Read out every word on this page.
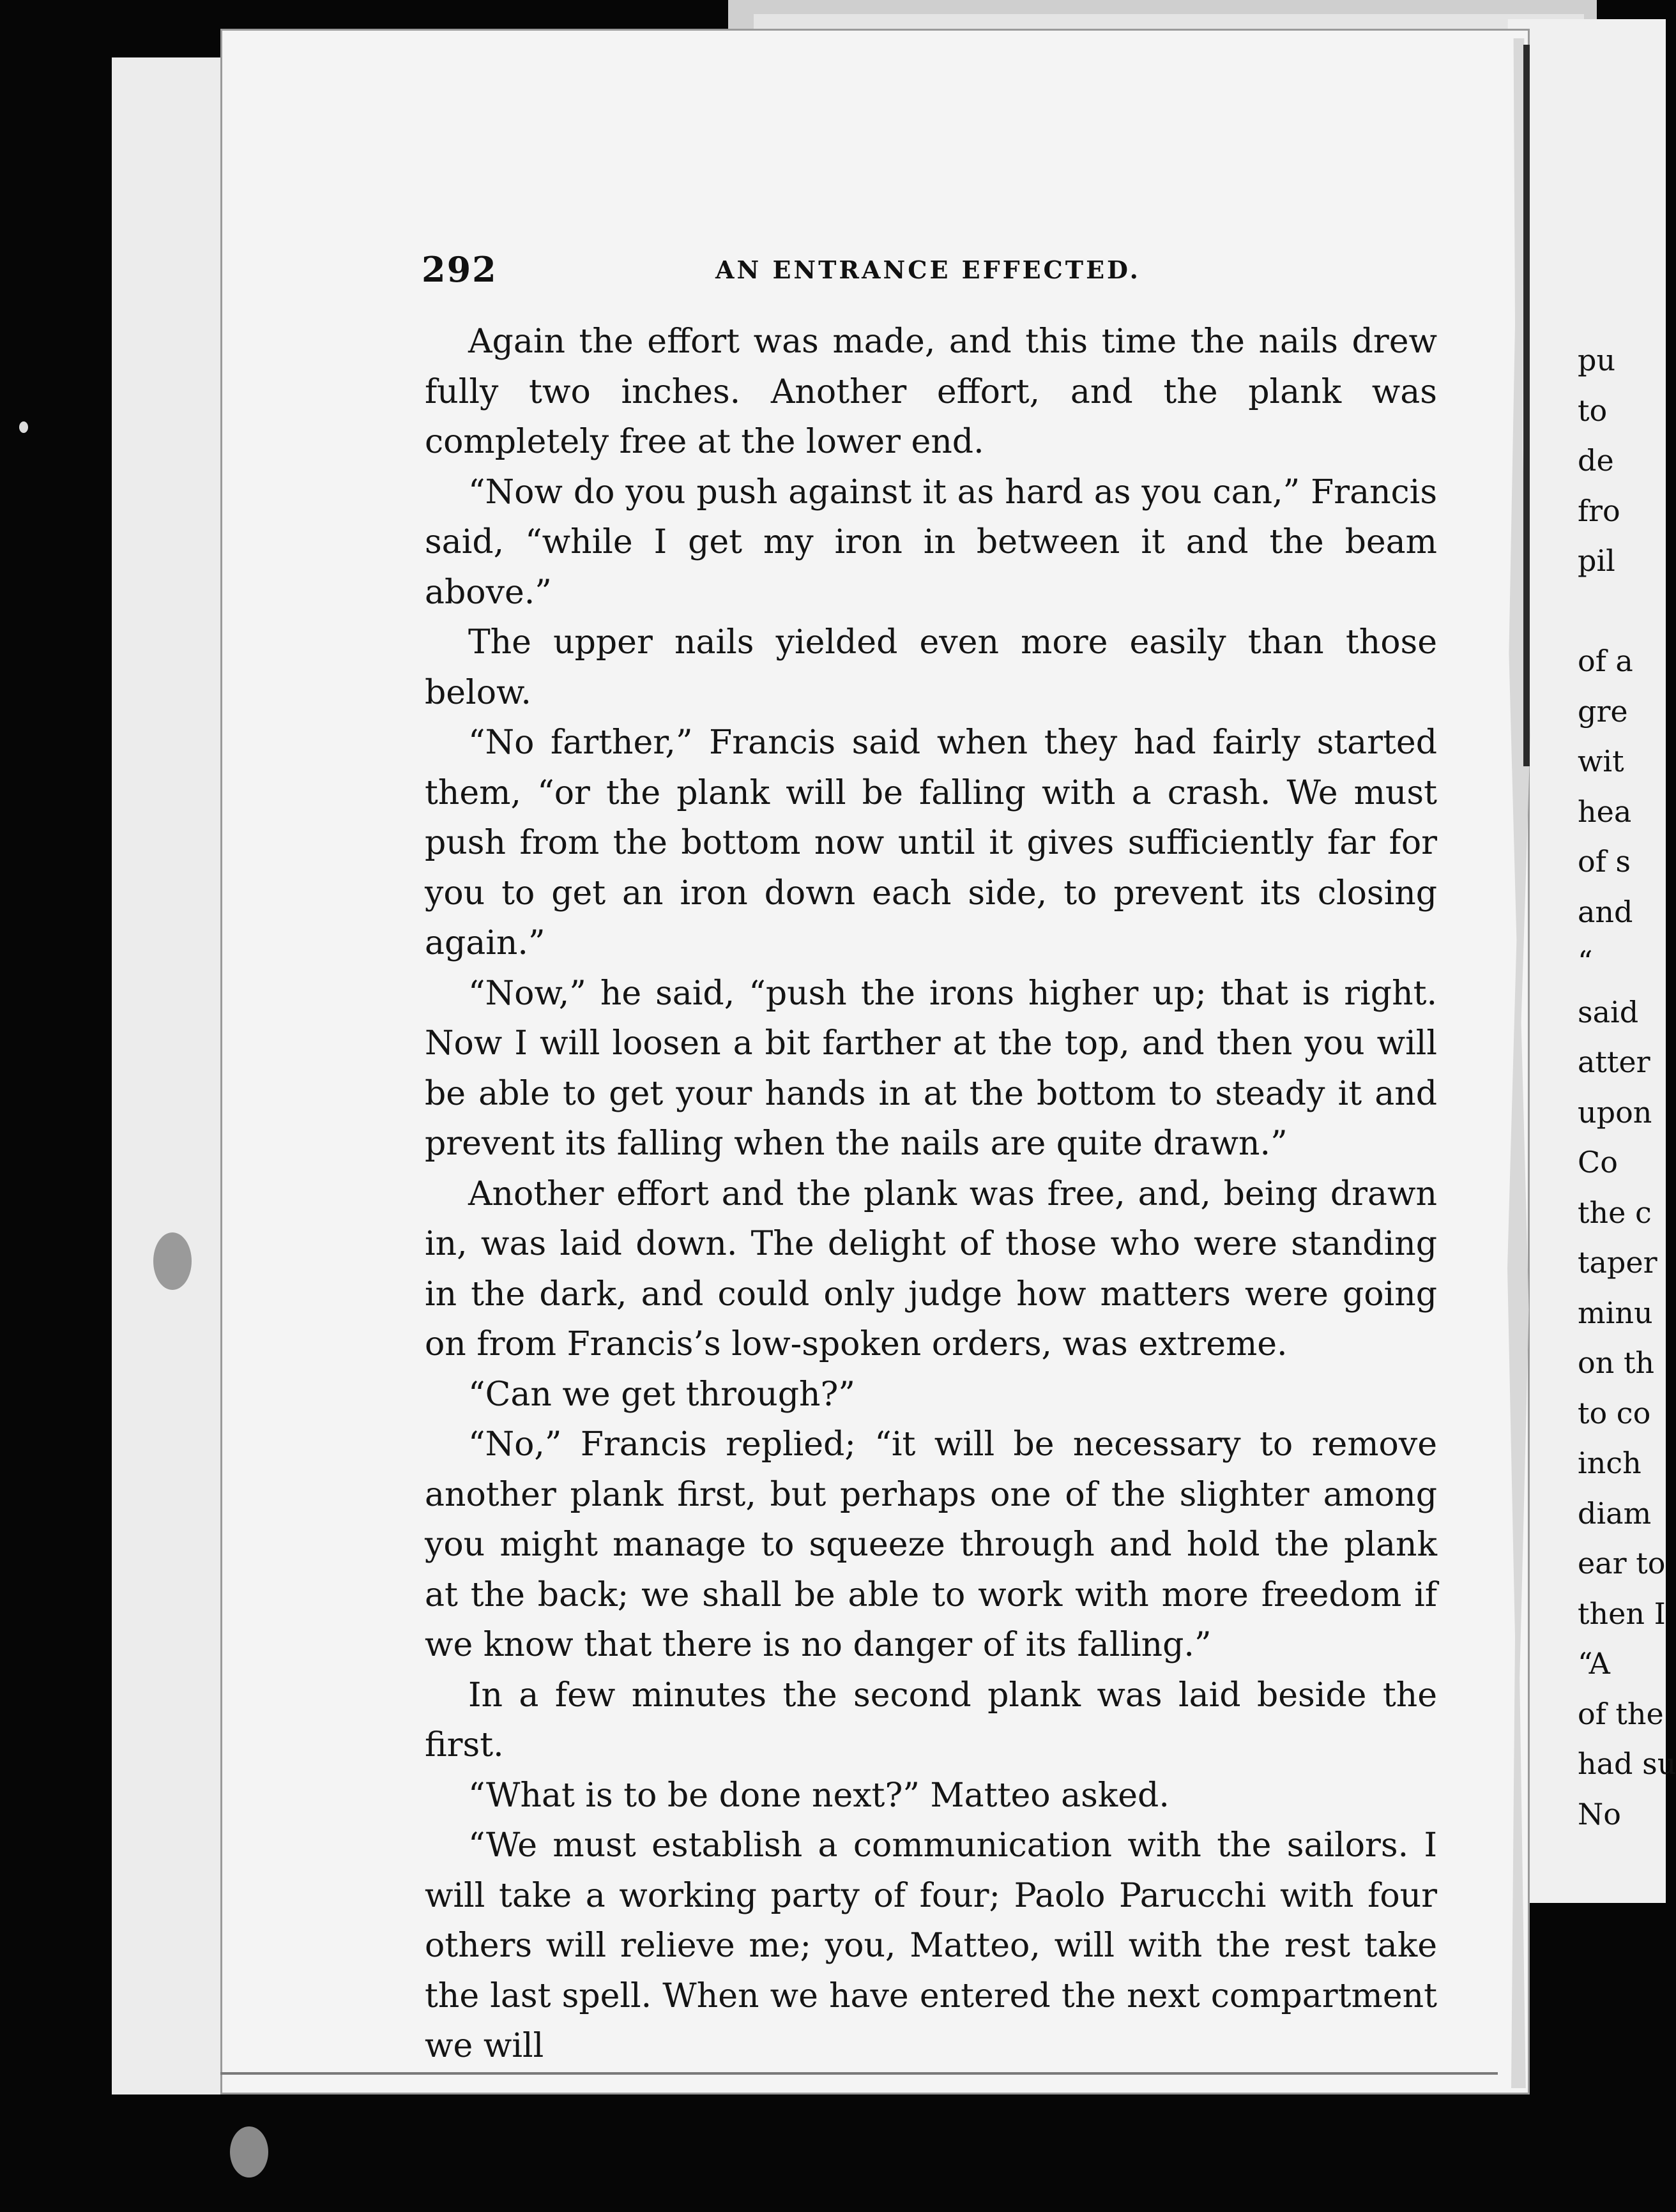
292	AN ENTRANCE EFFECTED.

Again the effort was made, and this time the nails drew fully two inches. Another effort, and the plank was completely free at the lower end.

“Now do you push against it as hard as you can,” Francis said, “while I get my iron in between it and the beam above.”

The upper nails yielded even more easily than those below.

“No farther,” Francis said when they had fairly started them, “or the plank will be falling with a crash. We must push from the bottom now until it gives sufficiently far for you to get an iron down each side, to prevent its closing again.”

“Now,” he said, “push the irons higher up; that is right. Now I will loosen a bit farther at the top, and then you will be able to get your hands in at the bottom to steady it and prevent its falling when the nails are quite drawn.”

Another effort and the plank was free, and, being drawn in, was laid down. The delight of those who were standing in the dark, and could only judge how matters were going on from Francis’s low-spoken orders, was extreme.

“Can we get through?”

“No,” Francis replied; “it will be necessary to remove another plank first, but perhaps one of the slighter among you might manage to squeeze through and hold the plank at the back; we shall be able to work with more freedom if we know that there is no danger of its falling.”

In a few minutes the second plank was laid beside the first.

“What is to be done next?” Matteo asked.

“We must establish a communication with the sailors. I will take a working party of four; Paolo Parucchi with four others will relieve me; you, Matteo, will with the rest take the last spell. When we have entered the next compartment we will

pu
to
de
fro
pil

of a
gre
wit
hea
of s
and
“
said
atter
upon
Co
the c
taper
minu
on th
to co
inch
diam
ear to
then I
“A
of the
had su
No
